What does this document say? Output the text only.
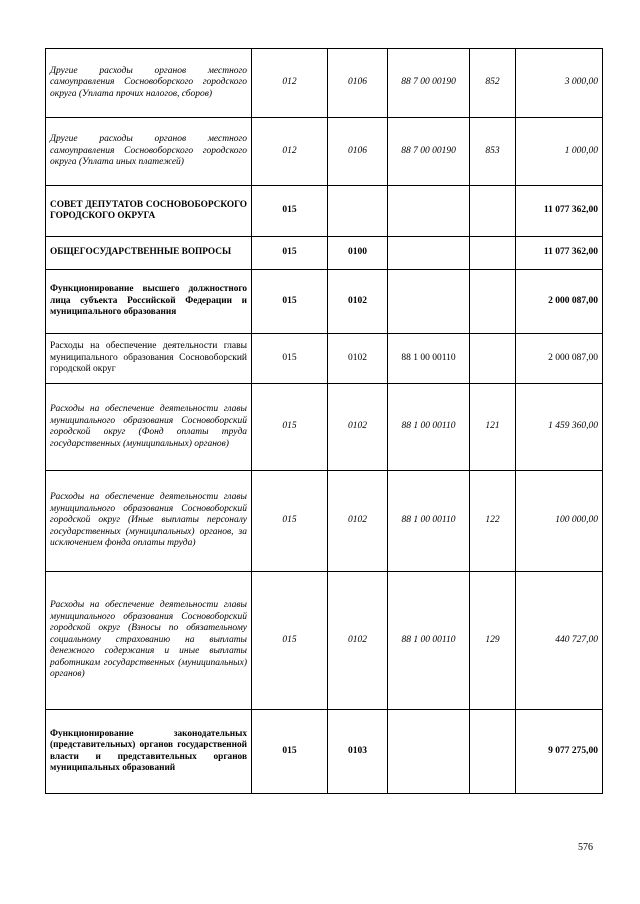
Другие расходы органов местного самоуправления Сосновоборского городского округа (Уплата прочих налогов, сборов)	012	0106	88 7 00 00190	852	3 000,00
Другие расходы органов местного самоуправления Сосновоборского городского округа (Уплата иных платежей)	012	0106	88 7 00 00190	853	1 000,00
СОВЕТ ДЕПУТАТОВ СОСНОВОБОРСКОГО ГОРОДСКОГО ОКРУГА	015				11 077 362,00
ОБЩЕГОСУДАРСТВЕННЫЕ ВОПРОСЫ	015	0100			11 077 362,00
Функционирование высшего должностного лица субъекта Российской Федерации и муниципального образования	015	0102			2 000 087,00
Расходы на обеспечение деятельности главы муниципального образования Сосновоборский городской округ	015	0102	88 1 00 00110		2 000 087,00
Расходы на обеспечение деятельности главы муниципального образования Сосновоборский городской округ (Фонд оплаты труда государственных (муниципальных) органов)	015	0102	88 1 00 00110	121	1 459 360,00
Расходы на обеспечение деятельности главы муниципального образования Сосновоборский городской округ (Иные выплаты персоналу государственных (муниципальных) органов, за исключением фонда оплаты труда)	015	0102	88 1 00 00110	122	100 000,00
Расходы на обеспечение деятельности главы муниципального образования Сосновоборский городской округ (Взносы по обязательному социальному страхованию на выплаты денежного содержания и иные выплаты работникам государственных (муниципальных) органов)	015	0102	88 1 00 00110	129	440 727,00
Функционирование законодательных (представительных) органов государственной власти и представительных органов муниципальных образований	015	0103			9 077 275,00
576
